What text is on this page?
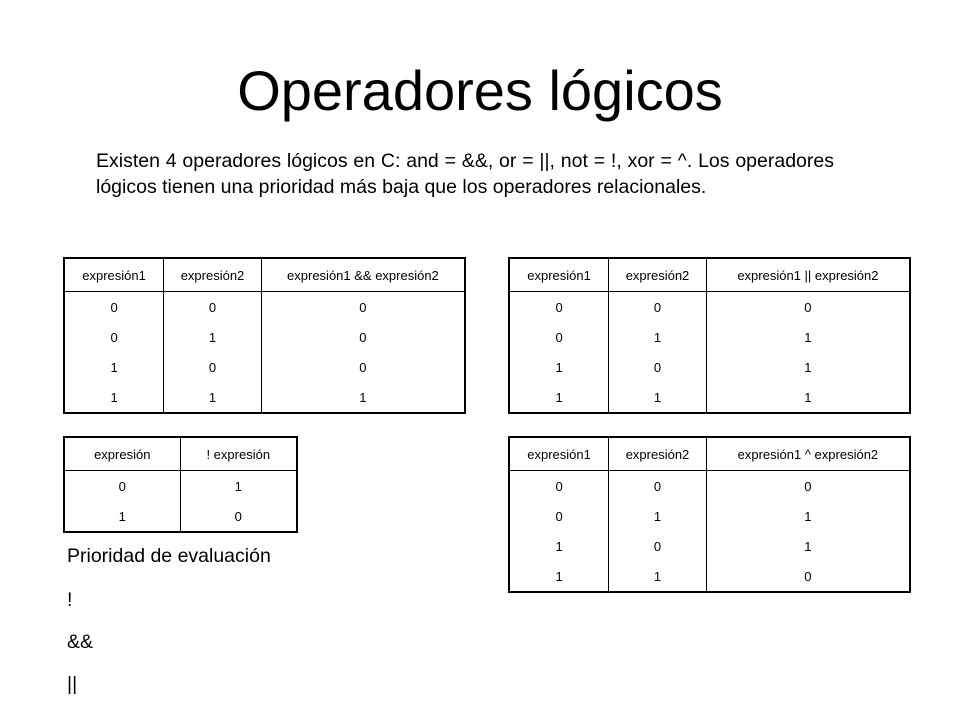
Operadores lógicos
Existen 4 operadores lógicos en C: and = &&, or = ||, not = !, xor = ^. Los operadores lógicos tienen una prioridad más baja que los operadores relacionales.
expresión1	expresión2	expresión1 && expresión2
0	0	0
0	1	0
1	0	0
1	1	1
expresión1	expresión2	expresión1 || expresión2
0	0	0
0	1	1
1	0	1
1	1	1
expresión	! expresión
0	1
1	0
expresión1	expresión2	expresión1 ^ expresión2
0	0	0
0	1	1
1	0	1
1	1	0
Prioridad de evaluación
!
&&
||
